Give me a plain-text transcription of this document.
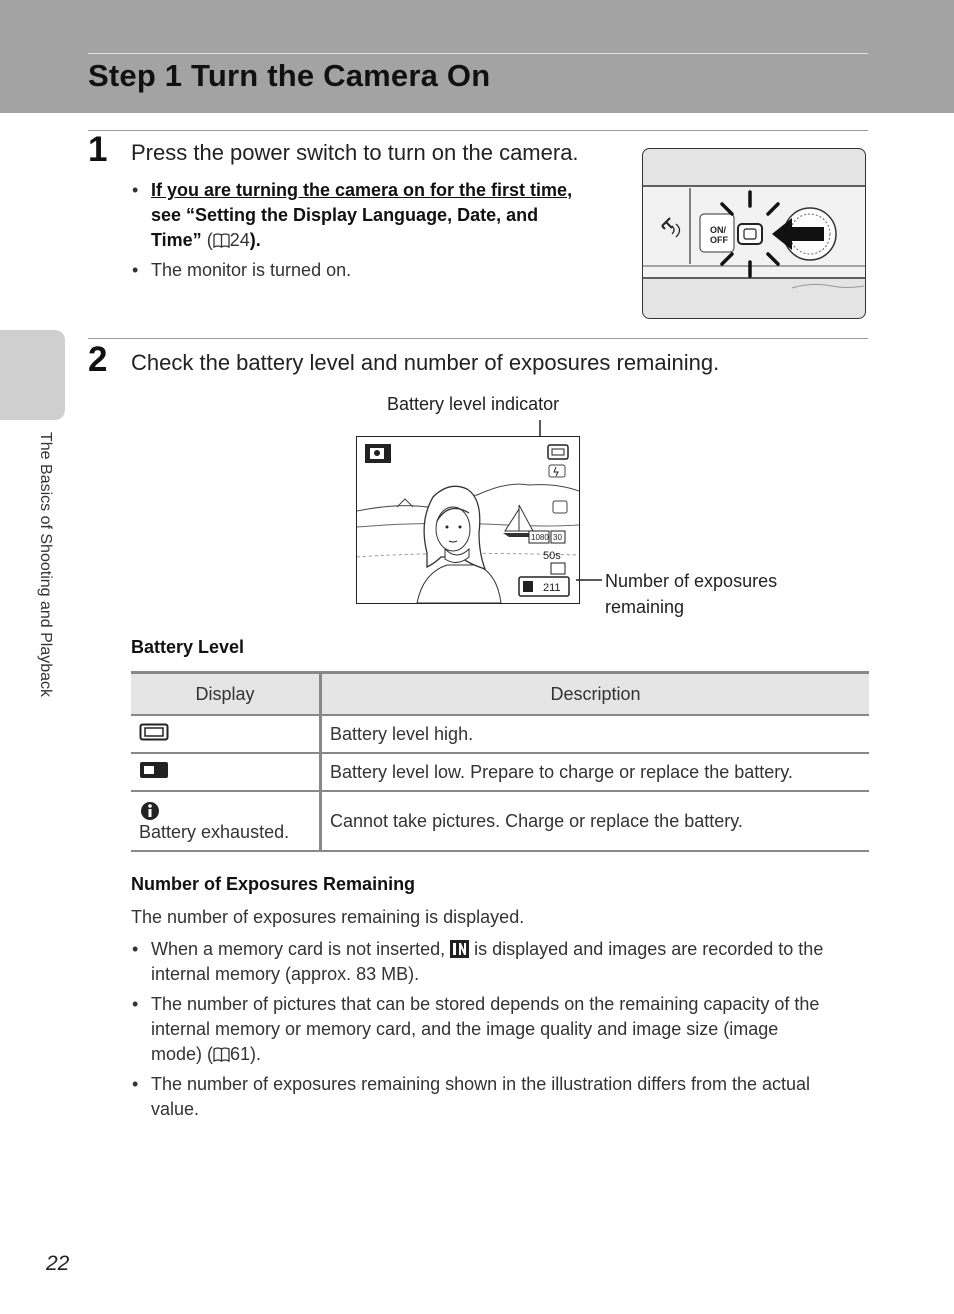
Step 1 Turn the Camera On
The Basics of Shooting and Playback
1 Press the power switch to turn on the camera.
• If you are turning the camera on for the first time,
see “Setting the Display Language, Date, and
Time” ( 24).
• The monitor is turned on.
ON/
OFF
2 Check the battery level and number of exposures remaining.
Battery level indicator
1080 30
50s
211 Number of exposures
remaining
Battery Level
Display	Description
	Battery level high.
	Battery level low. Prepare to charge or replace the battery.

Battery exhausted.	Cannot take pictures. Charge or replace the battery.
Number of Exposures Remaining
The number of exposures remaining is displayed.
• When a memory card is not inserted,  is displayed and images are recorded to the
internal memory (approx. 83 MB).
• The number of pictures that can be stored depends on the remaining capacity of the
internal memory or memory card, and the image quality and image size (image
mode) ( 61).
• The number of exposures remaining shown in the illustration differs from the actual
value.
22
